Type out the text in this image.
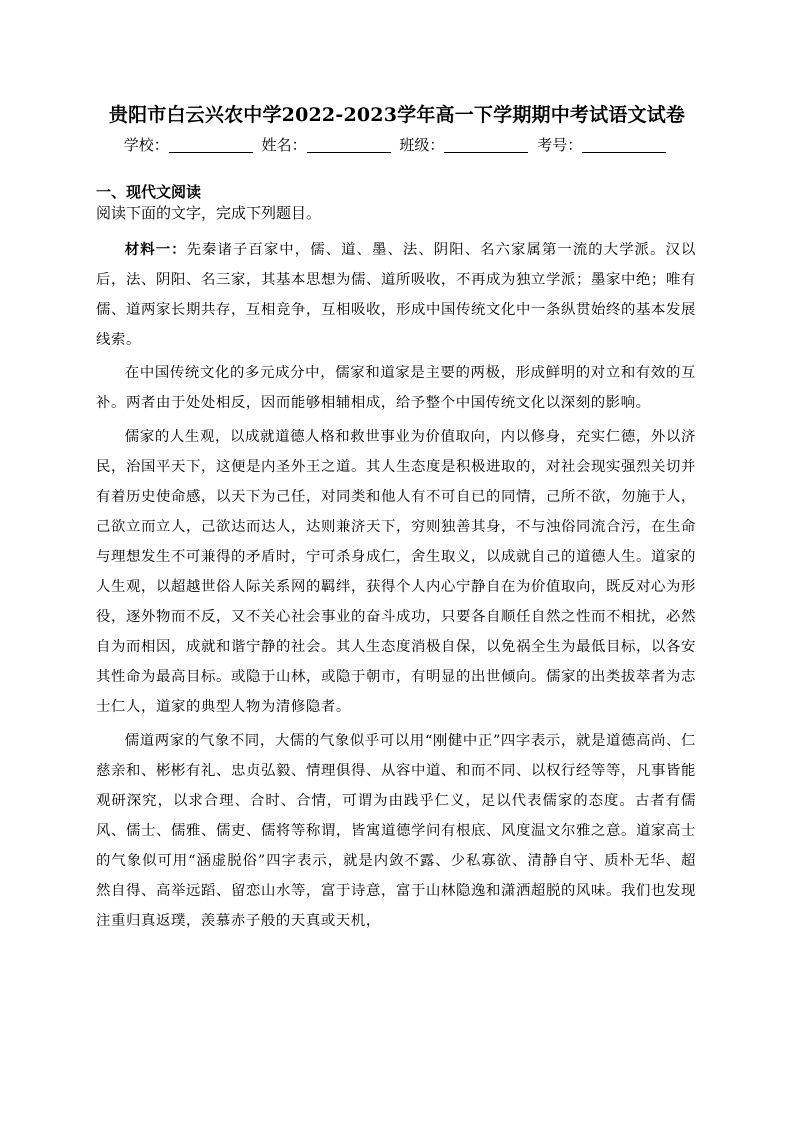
贵阳市白云兴农中学2022-2023学年高一下学期期中考试语文试卷
学校：	姓名：	班级：	考号：
一、现代文阅读
阅读下面的文字，完成下列题目。

材料一：先秦诸子百家中，儒、道、墨、法、阴阳、名六家属第一流的大学派。汉以后，法、阴阳、名三家，其基本思想为儒、道所吸收，不再成为独立学派；墨家中绝；唯有儒、道两家长期共存，互相竞争，互相吸收，形成中国传统文化中一条纵贯始终的基本发展线索。

在中国传统文化的多元成分中，儒家和道家是主要的两极，形成鲜明的对立和有效的互补。两者由于处处相反，因而能够相辅相成，给予整个中国传统文化以深刻的影响。

儒家的人生观，以成就道德人格和救世事业为价值取向，内以修身，充实仁德，外以济民，治国平天下，这便是内圣外王之道。其人生态度是积极进取的，对社会现实强烈关切并有着历史使命感，以天下为己任，对同类和他人有不可自已的同情，己所不欲，勿施于人，己欲立而立人，己欲达而达人，达则兼济天下，穷则独善其身，不与浊俗同流合污，在生命与理想发生不可兼得的矛盾时，宁可杀身成仁，舍生取义，以成就自己的道德人生。道家的人生观，以超越世俗人际关系网的羁绊，获得个人内心宁静自在为价值取向，既反对心为形役，逐外物而不反，又不关心社会事业的奋斗成功，只要各自顺任自然之性而不相扰，必然自为而相因，成就和谐宁静的社会。其人生态度消极自保，以免祸全生为最低目标，以各安其性命为最高目标。或隐于山林，或隐于朝市，有明显的出世倾向。儒家的出类拔萃者为志士仁人，道家的典型人物为清修隐者。

儒道两家的气象不同，大儒的气象似乎可以用“刚健中正”四字表示，就是道德高尚、仁慈亲和、彬彬有礼、忠贞弘毅、情理俱得、从容中道、和而不同、以权行经等等，凡事皆能观研深究，以求合理、合时、合情，可谓为由践乎仁义，足以代表儒家的态度。古者有儒风、儒士、儒雅、儒吏、儒将等称谓，皆寓道德学问有根底、风度温文尔雅之意。道家高士的气象似可用“涵虚脱俗”四字表示，就是内敛不露、少私寡欲、清静自守、质朴无华、超然自得、高举远蹈、留恋山水等，富于诗意，富于山林隐逸和潇洒超脱的风味。我们也发现注重归真返璞，羡慕赤子般的天真或天机，
